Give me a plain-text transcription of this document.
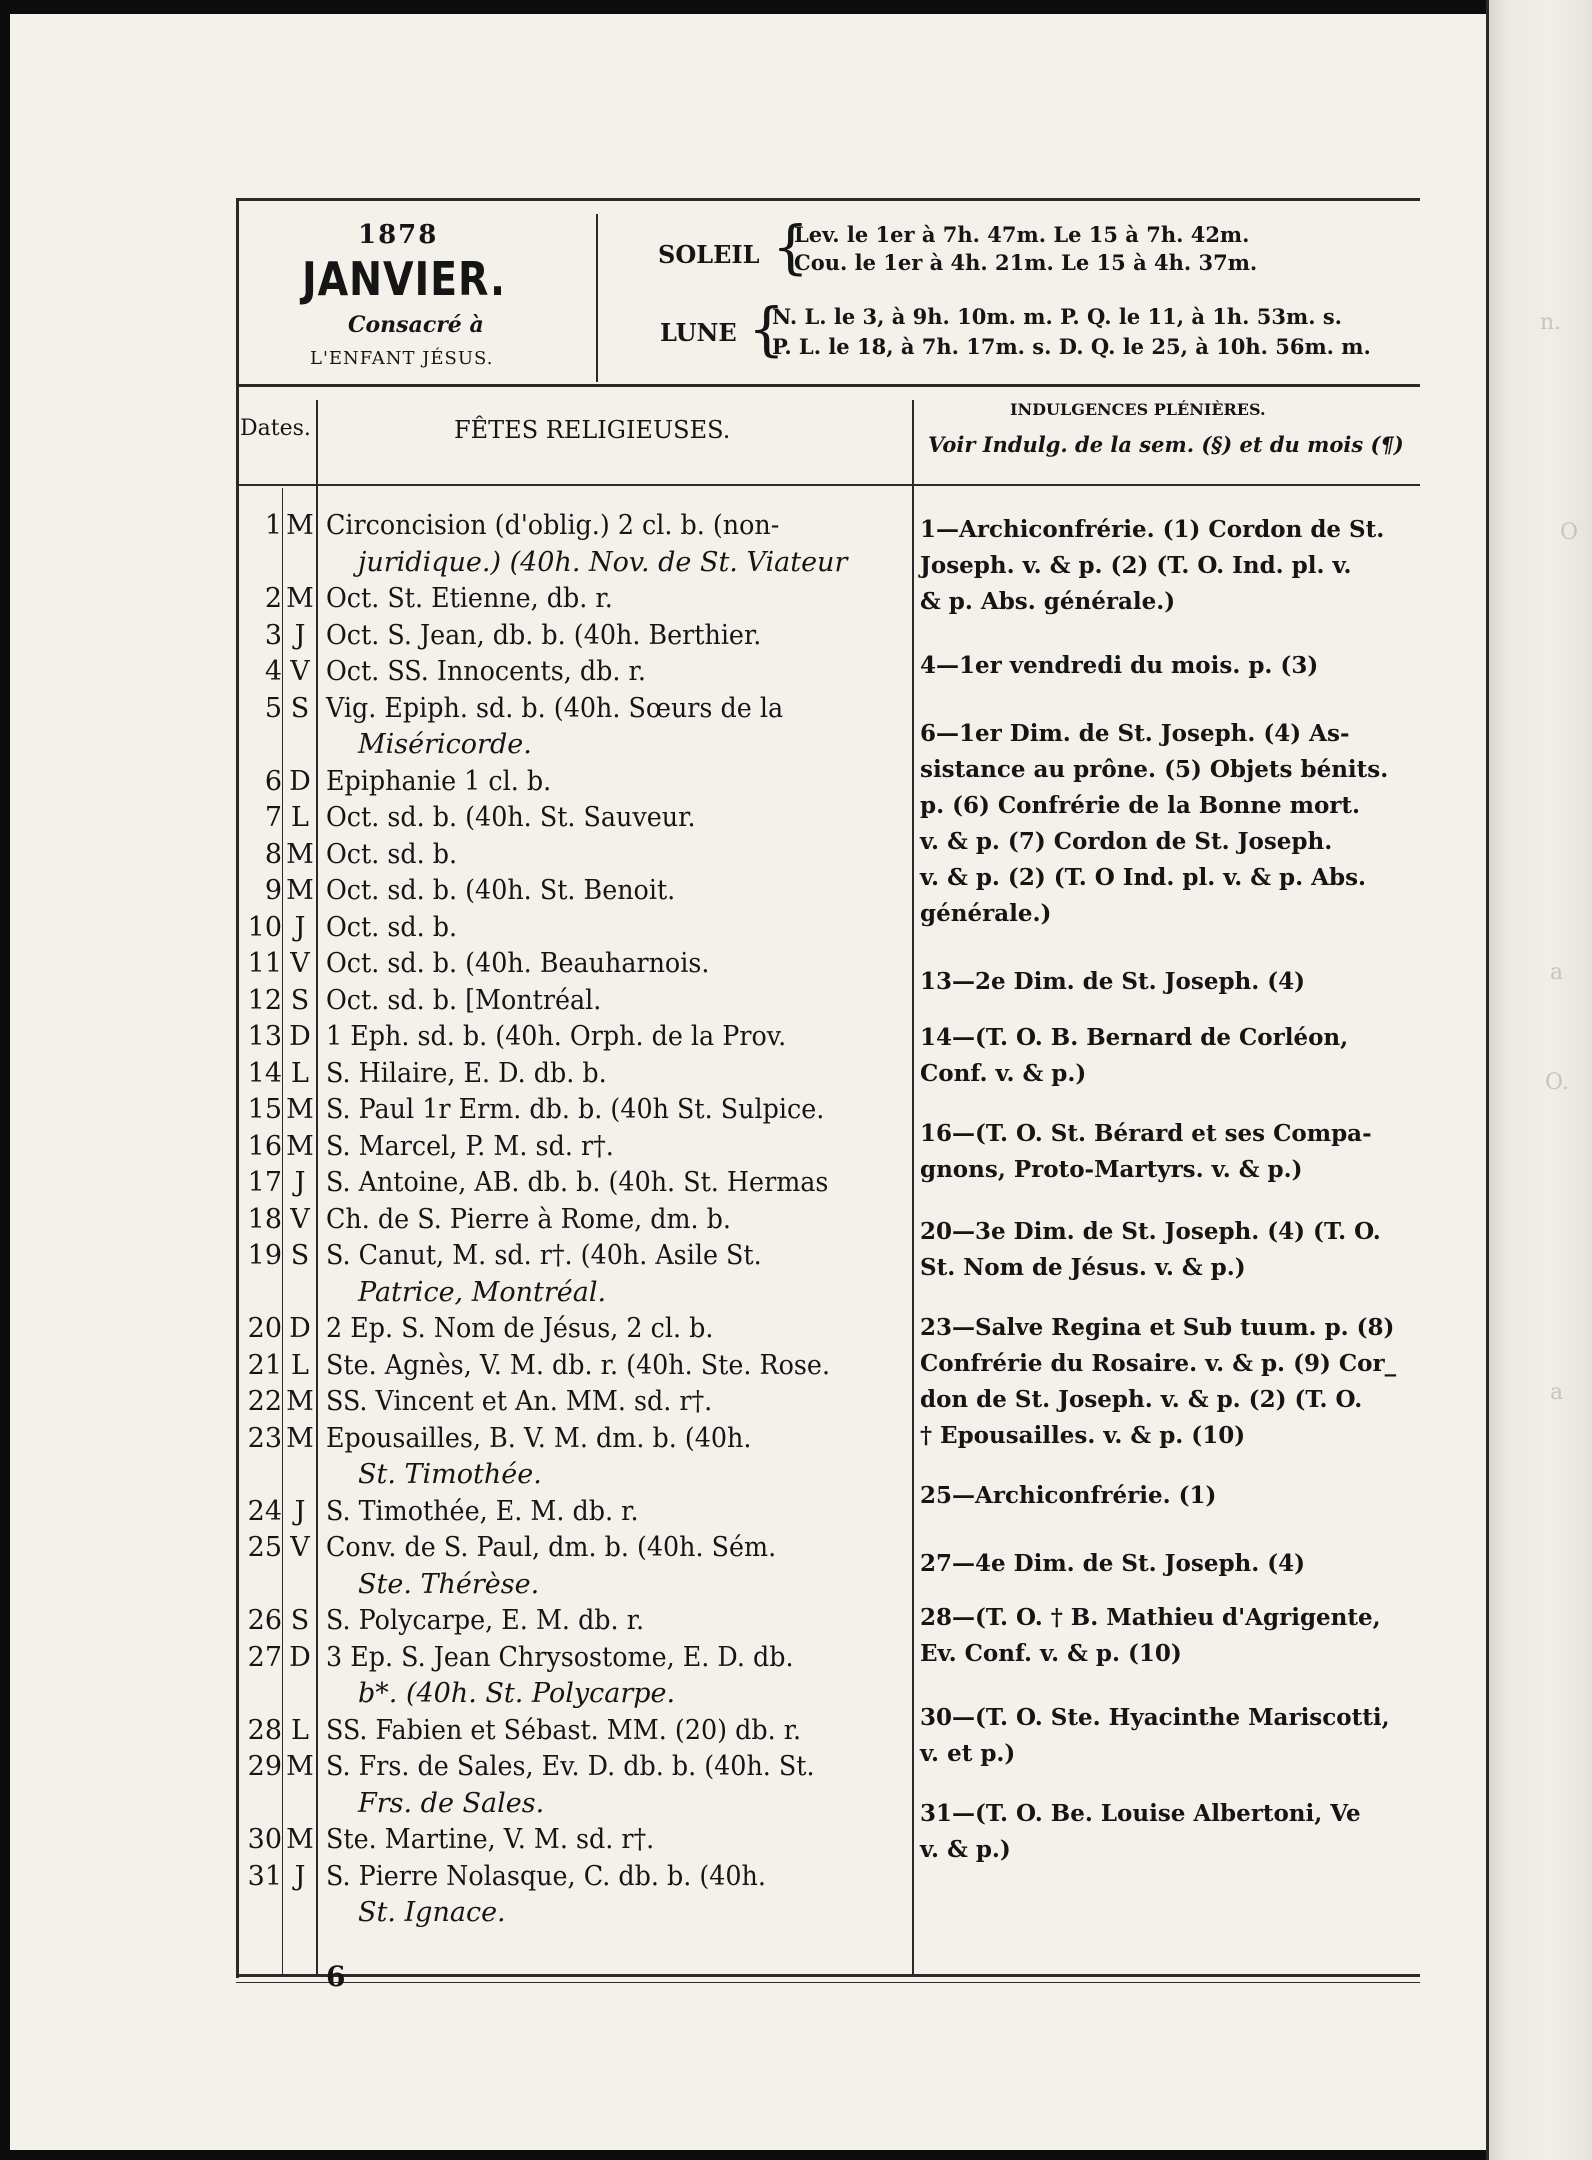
n.
O
a
O.
a
1878
JANVIER.
Consacré à
L'ENFANT JÉSUS.
SOLEIL {
Lev. le 1er à 7h. 47m. Le 15 à 7h. 42m.
Cou. le 1er à 4h. 21m. Le 15 à 4h. 37m.
LUNE {
N. L. le 3, à 9h. 10m. m. P. Q. le 11, à 1h. 53m. s.
P. L. le 18, à 7h. 17m. s. D. Q. le 25, à 10h. 56m. m.
Dates.	FÊTES RELIGIEUSES.
INDULGENCES PLÉNIÈRES.
Voir Indulg. de la sem. (§) et du mois (¶)
1 M Circoncision (d'oblig.) 2 cl. b. (non-
juridique.) (40h. Nov. de St. Viateur
2 M Oct. St. Etienne, db. r.
3 J Oct. S. Jean, db. b. (40h. Berthier.
4 V Oct. SS. Innocents, db. r.
5 S Vig. Epiph. sd. b. (40h. Sœurs de la
Miséricorde.
6 D Epiphanie 1 cl. b.
7 L Oct. sd. b. (40h. St. Sauveur.
8 M Oct. sd. b.
9 M Oct. sd. b. (40h. St. Benoit.
10 J Oct. sd. b.
11 V Oct. sd. b. (40h. Beauharnois.
12 S Oct. sd. b. [Montréal.
13 D 1 Eph. sd. b. (40h. Orph. de la Prov.
14 L S. Hilaire, E. D. db. b.
15 M S. Paul 1r Erm. db. b. (40h St. Sulpice.
16 M S. Marcel, P. M. sd. r†.
17 J S. Antoine, AB. db. b. (40h. St. Hermas
18 V Ch. de S. Pierre à Rome, dm. b.
19 S S. Canut, M. sd. r†. (40h. Asile St.
Patrice, Montréal.
20 D 2 Ep. S. Nom de Jésus, 2 cl. b.
21 L Ste. Agnès, V. M. db. r. (40h. Ste. Rose.
22 M SS. Vincent et An. MM. sd. r†.
23 M Epousailles, B. V. M. dm. b. (40h.
St. Timothée.
24 J S. Timothée, E. M. db. r.
25 V Conv. de S. Paul, dm. b. (40h. Sém.
Ste. Thérèse.
26 S S. Polycarpe, E. M. db. r.
27 D 3 Ep. S. Jean Chrysostome, E. D. db.
b*. (40h. St. Polycarpe.
28 L SS. Fabien et Sébast. MM. (20) db. r.
29 M S. Frs. de Sales, Ev. D. db. b. (40h. St.
Frs. de Sales.
30 M Ste. Martine, V. M. sd. r†.
31 J S. Pierre Nolasque, C. db. b. (40h.
St. Ignace.
1—Archiconfrérie. (1) Cordon de St.
Joseph. v. & p. (2) (T. O. Ind. pl. v.
& p. Abs. générale.)
4—1er vendredi du mois. p. (3)
6—1er Dim. de St. Joseph. (4) As-
sistance au prône. (5) Objets bénits.
p. (6) Confrérie de la Bonne mort.
v. & p. (7) Cordon de St. Joseph.
v. & p. (2) (T. O Ind. pl. v. & p. Abs.
générale.)
13—2e Dim. de St. Joseph. (4)
14—(T. O. B. Bernard de Corléon,
Conf. v. & p.)
16—(T. O. St. Bérard et ses Compa-
gnons, Proto-Martyrs. v. & p.)
20—3e Dim. de St. Joseph. (4) (T. O.
St. Nom de Jésus. v. & p.)
23—Salve Regina et Sub tuum. p. (8)
Confrérie du Rosaire. v. & p. (9) Cor_
don de St. Joseph. v. & p. (2) (T. O.
† Epousailles. v. & p. (10)
25—Archiconfrérie. (1)
27—4e Dim. de St. Joseph. (4)
28—(T. O. † B. Mathieu d'Agrigente,
Ev. Conf. v. & p. (10)
30—(T. O. Ste. Hyacinthe Mariscotti,
v. et p.)
31—(T. O. Be. Louise Albertoni, Ve
v. & p.)
6
